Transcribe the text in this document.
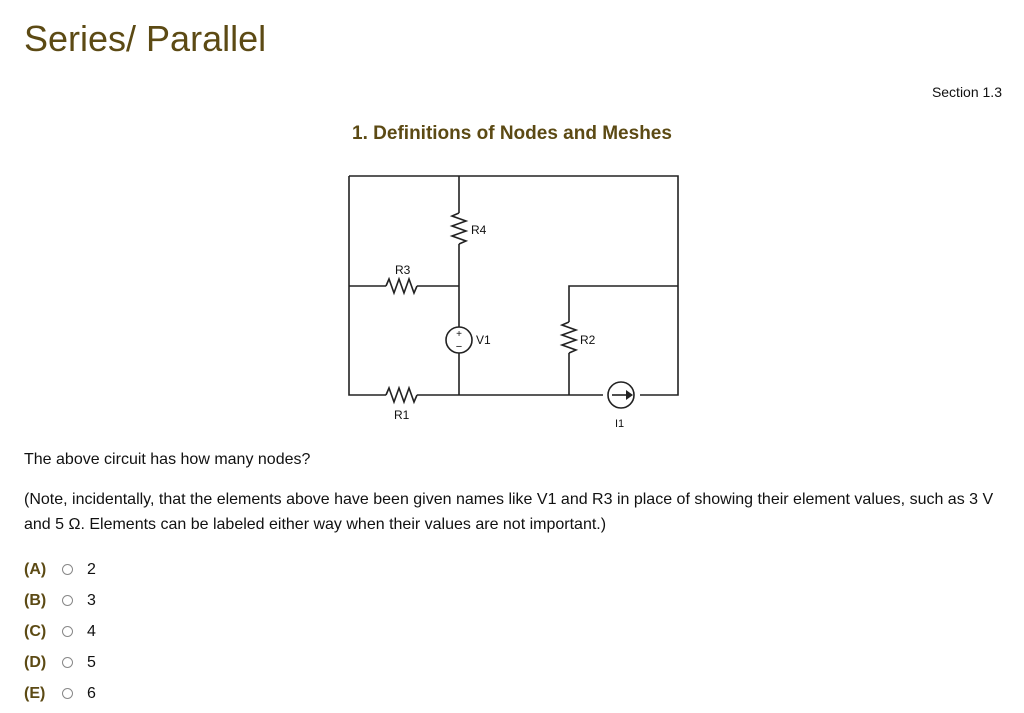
Series/ Parallel
Section 1.3
1. Definitions of Nodes and Meshes
+
−
R4
R3
V1	R2
R1
I1
The above circuit has how many nodes?
(Note, incidentally, that the elements above have been given names like V1 and R3 in place of showing their element values, such as 3 V and 5 Ω. Elements can be labeled either way when their values are not important.)
(A)	2
(B)	3
(C)	4
(D)	5
(E)	6
